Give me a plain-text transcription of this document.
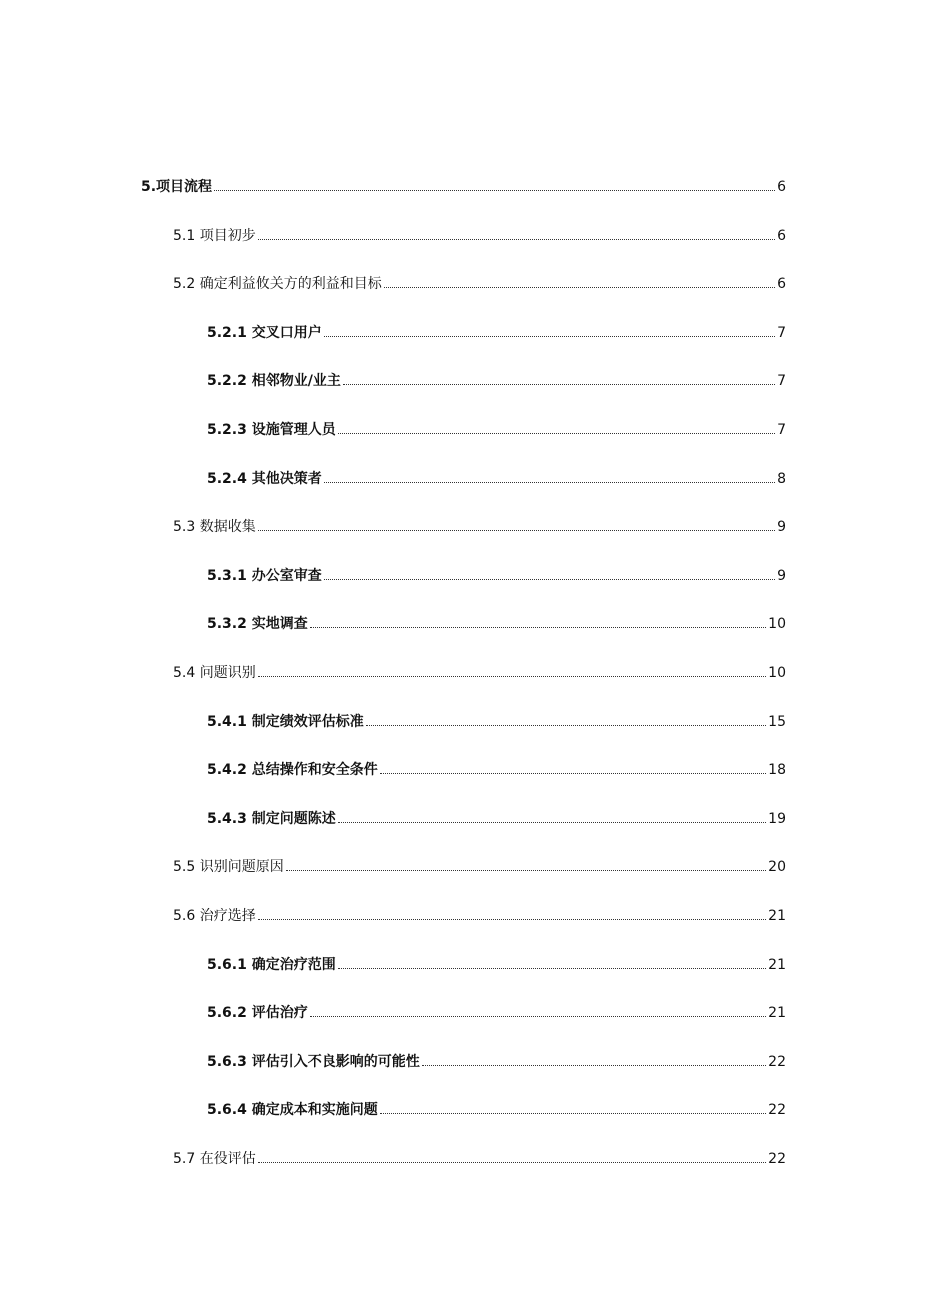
5.项目流程	6
5.1 项目初步	6
5.2 确定利益攸关方的利益和目标	6
5.2.1 交叉口用户	7
5.2.2 相邻物业/业主	7
5.2.3 设施管理人员	7
5.2.4 其他决策者	8
5.3 数据收集	9
5.3.1 办公室审查	9
5.3.2 实地调查	10
5.4 问题识别	10
5.4.1 制定绩效评估标准	15
5.4.2 总结操作和安全条件	18
5.4.3 制定问题陈述	19
5.5 识别问题原因	20
5.6 治疗选择	21
5.6.1 确定治疗范围	21
5.6.2 评估治疗	21
5.6.3 评估引入不良影响的可能性	22
5.6.4 确定成本和实施问题	22
5.7 在役评估	22
